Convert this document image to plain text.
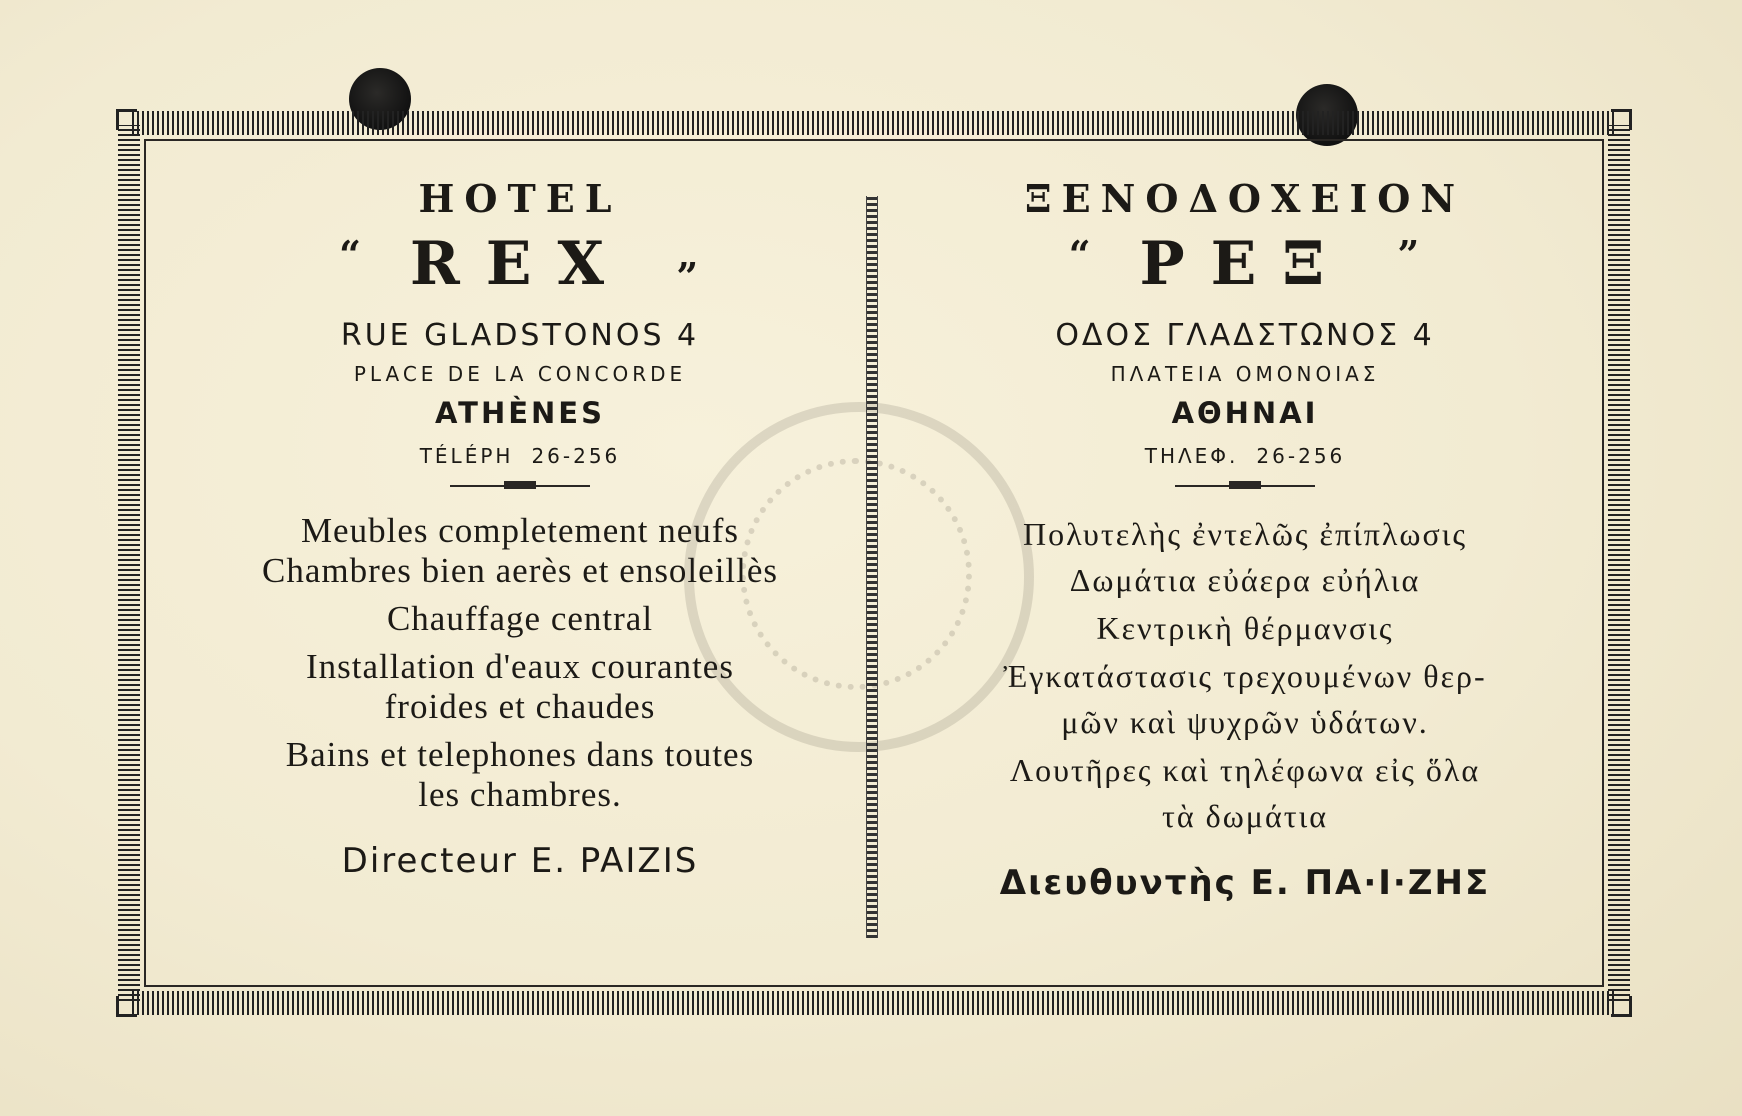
HOTEL
“ REX „
RUE GLADSTONOS 4
PLACE DE LA CONCORDE
ATHÈNES
TÉLÉPH 26-256

Meubles completement neufs
Chambres bien aerès et ensoleillès

Chauffage central

Installation d'eaux courantes
froides et chaudes

Bains et telephones dans toutes
les chambres.

Directeur E. PAIZIS
ΞΕΝΟΔΟΧΕΙΟΝ
“ ΡΕΞ ”
ΟΔΟΣ ΓΛΑΔΣΤΩΝΟΣ 4
ΠΛΑΤΕΙΑ ΟΜΟΝΟΙΑΣ
ΑΘΗΝΑΙ
ΤΗΛΕΦ. 26-256

Πολυτελὴς ἐντελῶς ἐπίπλωσις
Δωμάτια εὐάερα εὐήλια

Κεντρικὴ θέρμανσις

Ἐγκατάστασις τρεχουμένων θερ-
μῶν καὶ ψυχρῶν ὑδάτων.

Λουτῆρες καὶ τηλέφωνα εἰς ὅλα
τὰ δωμάτια

Διευθυντὴς Ε. ΠΑ·Ι·ΖΗΣ
